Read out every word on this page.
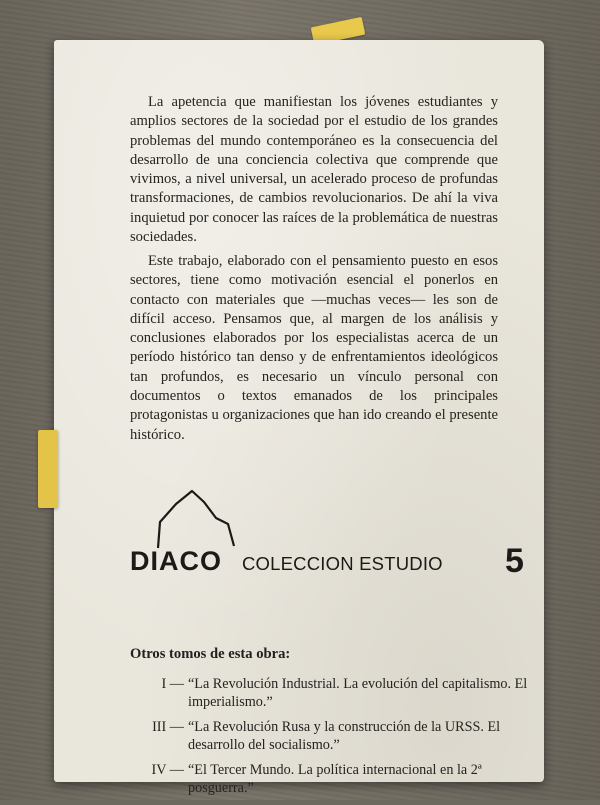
La apetencia que manifiestan los jóvenes estudiantes y amplios sectores de la sociedad por el estudio de los grandes problemas del mundo contemporáneo es la consecuencia del desarrollo de una conciencia colectiva que comprende que vivimos, a nivel universal, un acelerado proceso de profundas transformaciones, de cambios revolucionarios. De ahí la viva inquietud por conocer las raíces de la problemática de nuestras sociedades.

Este trabajo, elaborado con el pensamiento puesto en esos sectores, tiene como motivación esencial el ponerlos en contacto con materiales que —muchas veces— les son de difícil acceso. Pensamos que, al margen de los análisis y conclusiones elaborados por los especialistas acerca de un período histórico tan denso y de enfrentamientos ideológicos tan profundos, es necesario un vínculo personal con documentos o textos emanados de los principales protagonistas u organizaciones que han ido creando el presente histórico.

DIACO COLECCION ESTUDIO 5
Otros tomos de esta obra:
I — “La Revolución Industrial. La evolución del capitalismo. El imperialismo.”
III — “La Revolución Rusa y la construcción de la URSS. El desarrollo del socialismo.”
IV — “El Tercer Mundo. La política internacional en la 2ª posguerra.”
